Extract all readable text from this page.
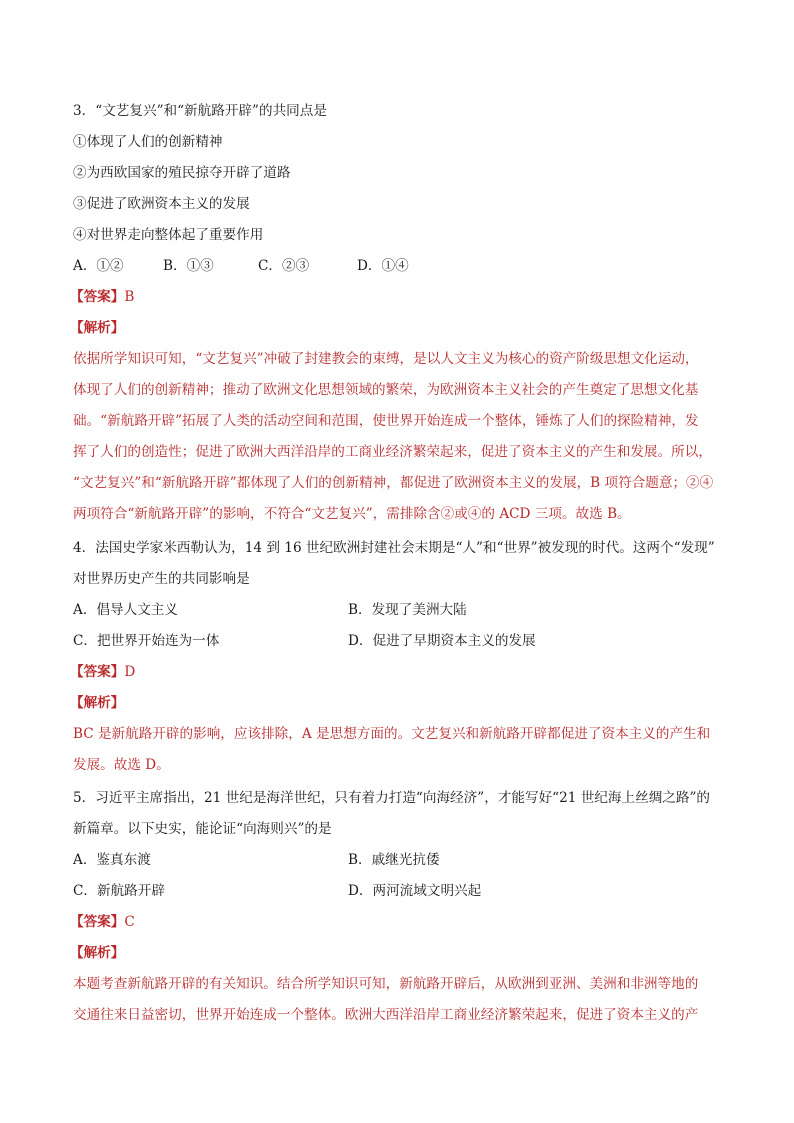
3．“文艺复兴”和“新航路开辟”的共同点是
①体现了人们的创新精神
②为西欧国家的殖民掠夺开辟了道路
③促进了欧洲资本主义的发展
④对世界走向整体起了重要作用
A．①②	B．①③	C．②③	D．①④
【答案】B
【解析】
依据所学知识可知，“文艺复兴”冲破了封建教会的束缚，是以人文主义为核心的资产阶级思想文化运动，
体现了人们的创新精神；推动了欧洲文化思想领域的繁荣，为欧洲资本主义社会的产生奠定了思想文化基
础。“新航路开辟”拓展了人类的活动空间和范围，使世界开始连成一个整体，锤炼了人们的探险精神，发
挥了人们的创造性；促进了欧洲大西洋沿岸的工商业经济繁荣起来，促进了资本主义的产生和发展。所以，
“文艺复兴”和“新航路开辟”都体现了人们的创新精神，都促进了欧洲资本主义的发展，B 项符合题意；②④
两项符合“新航路开辟”的影响，不符合“文艺复兴”，需排除含②或④的 ACD 三项。故选 B。
4．法国史学家米西勒认为，14 到 16 世纪欧洲封建社会末期是“人”和“世界”被发现的时代。这两个“发现”
对世界历史产生的共同影响是
A．倡导人文主义	B．发现了美洲大陆
C．把世界开始连为一体	D．促进了早期资本主义的发展
【答案】D
【解析】
BC 是新航路开辟的影响，应该排除，A 是思想方面的。文艺复兴和新航路开辟都促进了资本主义的产生和
发展。故选 D。
5．习近平主席指出，21 世纪是海洋世纪，只有着力打造“向海经济”，才能写好“21 世纪海上丝绸之路”的
新篇章。以下史实，能论证“向海则兴”的是
A．鉴真东渡	B．戚继光抗倭
C．新航路开辟	D．两河流域文明兴起
【答案】C
【解析】
本题考查新航路开辟的有关知识。结合所学知识可知，新航路开辟后，从欧洲到亚洲、美洲和非洲等地的
交通往来日益密切，世界开始连成一个整体。欧洲大西洋沿岸工商业经济繁荣起来，促进了资本主义的产
